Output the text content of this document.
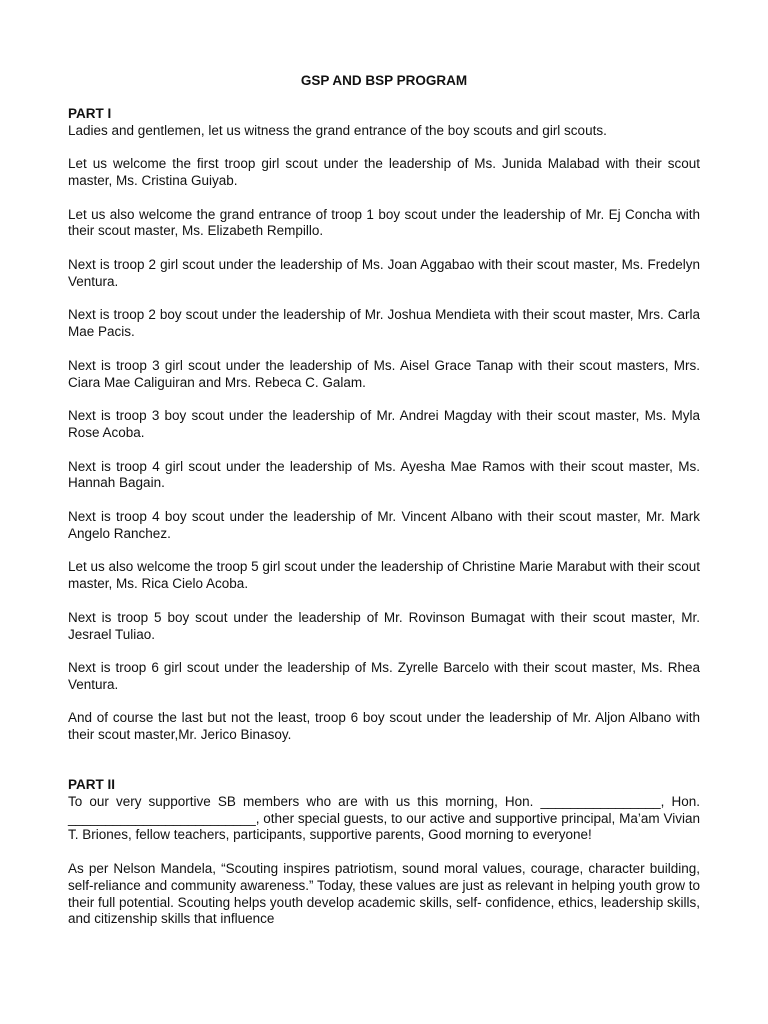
GSP AND BSP PROGRAM

PART I

Ladies and gentlemen, let us witness the grand entrance of the boy scouts and girl scouts.

Let us welcome the first troop girl scout under the leadership of Ms. Junida Malabad with their scout master, Ms. Cristina Guiyab.

Let us also welcome the grand entrance of troop 1 boy scout under the leadership of Mr. Ej Concha with their scout master, Ms. Elizabeth Rempillo.

Next is troop 2 girl scout under the leadership of Ms. Joan Aggabao with their scout master, Ms. Fredelyn Ventura.

Next is troop 2 boy scout under the leadership of Mr. Joshua Mendieta with their scout master, Mrs. Carla Mae Pacis.

Next is troop 3 girl scout under the leadership of Ms. Aisel Grace Tanap with their scout masters, Mrs. Ciara Mae Caliguiran and Mrs. Rebeca C. Galam.

Next is troop 3 boy scout under the leadership of Mr. Andrei Magday with their scout master, Ms. Myla Rose Acoba.

Next is troop 4 girl scout under the leadership of Ms. Ayesha Mae Ramos with their scout master, Ms. Hannah Bagain.

Next is troop 4 boy scout under the leadership of Mr. Vincent Albano with their scout master, Mr. Mark Angelo Ranchez.

Let us also welcome the troop 5 girl scout under the leadership of Christine Marie Marabut with their scout master, Ms. Rica Cielo Acoba.

Next is troop 5 boy scout under the leadership of Mr. Rovinson Bumagat with their scout master, Mr. Jesrael Tuliao.

Next is troop 6 girl scout under the leadership of Ms. Zyrelle Barcelo with their scout master, Ms. Rhea Ventura.

And of course the last but not the least, troop 6 boy scout under the leadership of Mr. Aljon Albano with their scout master,Mr. Jerico Binasoy.

PART II

To our very supportive SB members who are with us this morning, Hon. ________________, Hon. _________________________, other special guests, to our active and supportive principal, Ma’am Vivian T. Briones, fellow teachers, participants, supportive parents, Good morning to everyone!

As per Nelson Mandela, “Scouting inspires patriotism, sound moral values, courage, character building, self-reliance and community awareness.” Today, these values are just as relevant in helping youth grow to their full potential. Scouting helps youth develop academic skills, self- confidence, ethics, leadership skills, and citizenship skills that influence
